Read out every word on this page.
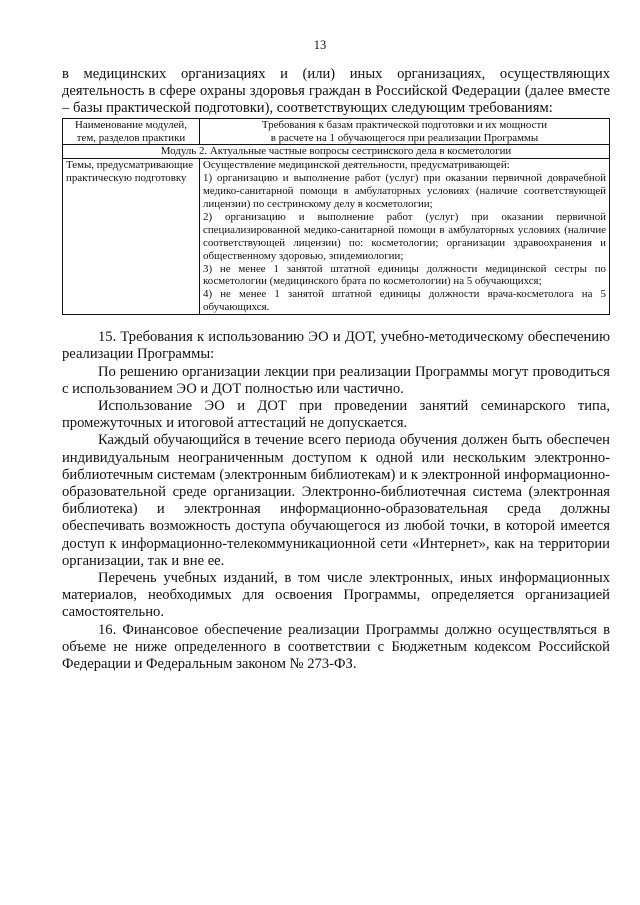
13

в медицинских организациях и (или) иных организациях, осуществляющих деятельность в сфере охраны здоровья граждан в Российской Федерации (далее вместе – базы практической подготовки), соответствующих следующим требованиям:

Наименование модулей, тем, разделов практики	Требования к базам практической подготовки и их мощности
в расчете на 1 обучающегося при реализации Программы

Модуль 2. Актуальные частные вопросы сестринского дела в косметологии	
Темы, предусматривающие практическую подготовку	Осуществление медицинской деятельности, предусматривающей:
1) организацию и выполнение работ (услуг) при оказании первичной доврачебной медико-санитарной помощи в амбулаторных условиях (наличие соответствующей лицензии) по сестринскому делу в косметологии;
2) организацию и выполнение работ (услуг) при оказании первичной специализированной медико-санитарной помощи в амбулаторных условиях (наличие соответствующей лицензии) по: косметологии; организации здравоохранения и общественному здоровью, эпидемиологии;
3) не менее 1 занятой штатной единицы должности медицинской сестры по косметологии (медицинского брата по косметологии) на 5 обучающихся;
4) не менее 1 занятой штатной единицы должности врача-косметолога на 5 обучающихся.

15. Требования к использованию ЭО и ДОТ, учебно-методическому обеспечению реализации Программы:

По решению организации лекции при реализации Программы могут проводиться с использованием ЭО и ДОТ полностью или частично.

Использование ЭО и ДОТ при проведении занятий семинарского типа, промежуточных и итоговой аттестаций не допускается.

Каждый обучающийся в течение всего периода обучения должен быть обеспечен индивидуальным неограниченным доступом к одной или нескольким электронно-библиотечным системам (электронным библиотекам) и к электронной информационно-образовательной среде организации. Электронно-библиотечная система (электронная библиотека) и электронная информационно-образовательная среда должны обеспечивать возможность доступа обучающегося из любой точки, в которой имеется доступ к информационно-телекоммуникационной сети «Интернет», как на территории организации, так и вне ее.

Перечень учебных изданий, в том числе электронных, иных информационных материалов, необходимых для освоения Программы, определяется организацией самостоятельно.

16. Финансовое обеспечение реализации Программы должно осуществляться в объеме не ниже определенного в соответствии с Бюджетным кодексом Российской Федерации и Федеральным законом № 273-ФЗ.
